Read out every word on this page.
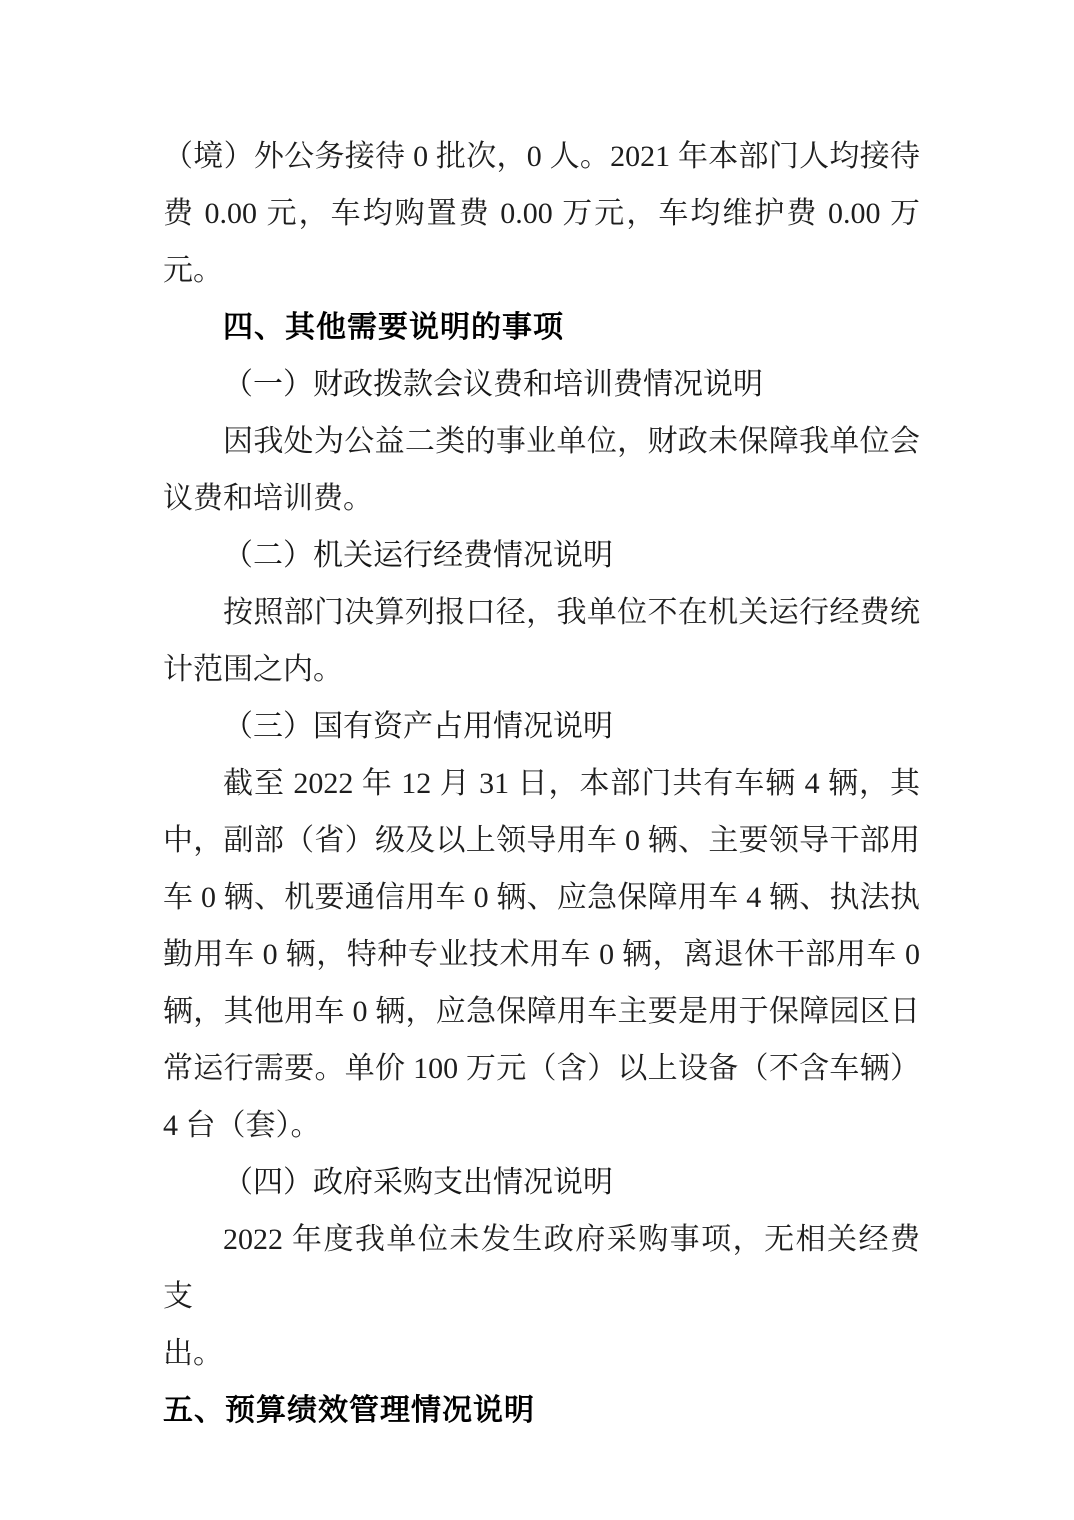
（境）外公务接待 0 批次，0 人。2021 年本部门人均接待
费 0.00 元，车均购置费 0.00 万元，车均维护费 0.00 万
元。
四、其他需要说明的事项
（一）财政拨款会议费和培训费情况说明
因我处为公益二类的事业单位，财政未保障我单位会
议费和培训费。
（二）机关运行经费情况说明
按照部门决算列报口径，我单位不在机关运行经费统
计范围之内。
（三）国有资产占用情况说明
截至 2022 年 12 月 31 日，本部门共有车辆 4 辆，其
中，副部（省）级及以上领导用车 0 辆、主要领导干部用
车 0 辆、机要通信用车 0 辆、应急保障用车 4 辆、执法执
勤用车 0 辆，特种专业技术用车 0 辆，离退休干部用车 0
辆，其他用车 0 辆，应急保障用车主要是用于保障园区日
常运行需要。单价 100 万元（含）以上设备（不含车辆）
4 台（套）。
（四）政府采购支出情况说明
2022 年度我单位未发生政府采购事项，无相关经费支
出。
五、预算绩效管理情况说明
